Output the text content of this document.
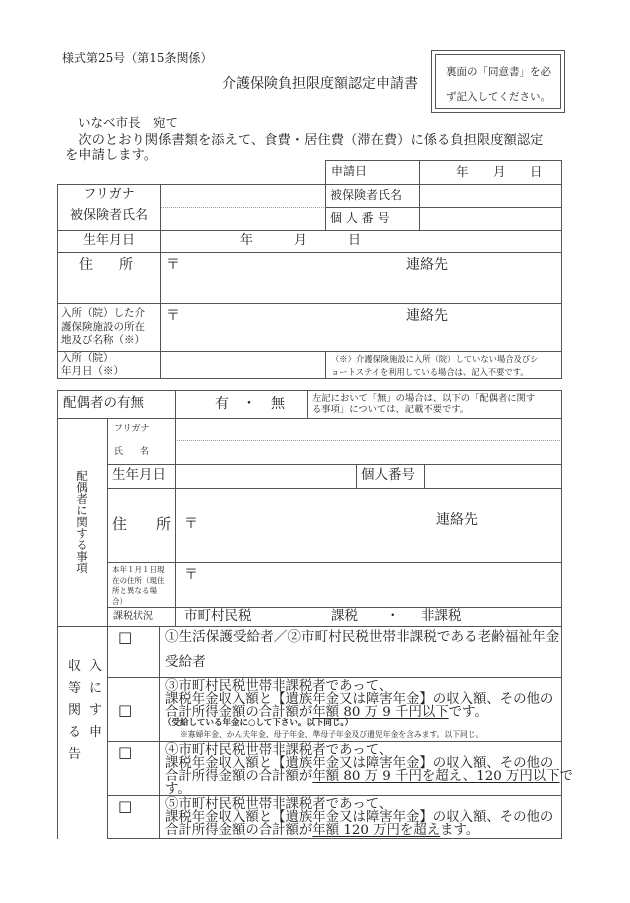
様式第25号（第15条関係）
介護保険負担限度額認定申請書
裏面の「同意書」を必
ず記入してください。
いなべ市長　宛て
　次のとおり関係書類を添えて、食費・居住費（滞在費）に係る負担限度額認定
を申請します。
申請日	年　月　日
フリガナ
被保険者氏名
被保険者氏名
個 人 番 号
生年月日	年　　月　　日
住　所	〒	連絡先
入所（院）した介
護保険施設の所在
地及び名称（※）
〒	連絡先
入所（院）
年月日（※）
（※）介護保険施設に入所（院）していない場合及びシ
ョートステイを利用している場合は、記入不要です。
配偶者の有無	有 ・ 無	左記において「無」の場合は、以下の「配偶者に関す
る事項」については、記載不要です。
配偶者に関する事項
フリガナ
氏　名
生年月日	個人番号
住　所 〒	連絡先
本年１月１日現
在の住所（現住
所と異なる場
合）
〒
課税状況 市町村民税	課税 ・ 非課税
収入等に関する申告
□ ①生活保護受給者／②市町村民税世帯非課税である老齢福祉年金
受給者
□
③市町村民税世帯非課税者であって、
課税年金収入額と【遺族年金又は障害年金】の収入額、その他の
合計所得金額の合計額が年額 80 万 9 千円以下です。
（受給している年金に○して下さい。以下同じ。）
※寡婦年金、かん夫年金、母子年金、準母子年金及び遺児年金を含みます。以下同じ。
□ ④市町村民税世帯非課税者であって、
課税年金収入額と【遺族年金又は障害年金】の収入額、その他の
合計所得金額の合計額が年額 80 万 9 千円を超え、120 万円以下で
す。
□ ⑤市町村民税世帯非課税者であって、
課税年金収入額と【遺族年金又は障害年金】の収入額、その他の
合計所得金額の合計額が年額 120 万円を超えます。
